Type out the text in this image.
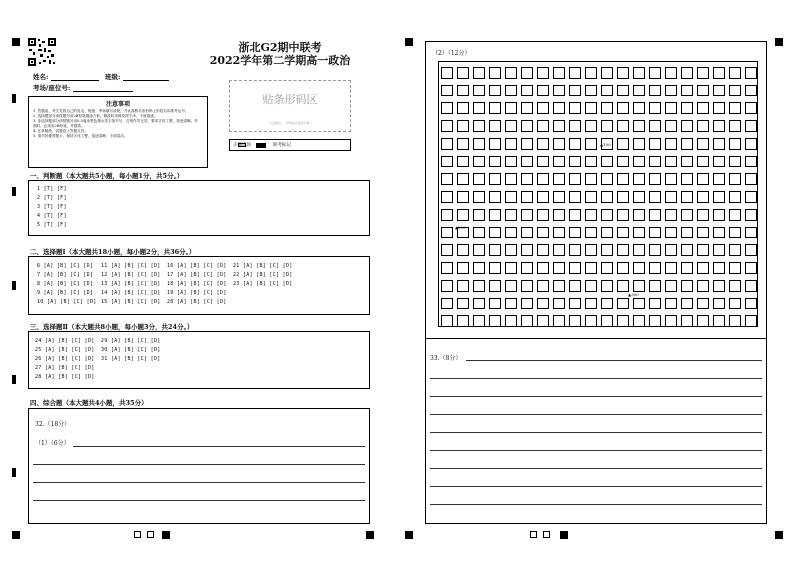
浙北G2期中联考
2022学年第二学期高一政治
姓名:	班级:
考场/座位号:
注意事项

1. 答题前，考生先将自己的姓名、班级、考场填写清楚，并认真核对条形码上的姓名和准考证号。

2. 选择题部分请按题号用2B铅笔填涂方框，修改时用橡皮擦干净，不留痕迹。

3. 非选择题部分请按题号用0.5毫米黑色墨水签字笔书写，否则作答无效。要求字体工整、笔迹清晰。作图时，必须用2B铅笔，并描浓。

4. 在草稿纸、试题卷上答题无效。

5. 请勿折叠答题卡，保持字体工整、笔迹清晰、卡面清洁。

贴条形码区
（正面朝上，切勿贴出虚线方框）
正确填涂	缺考标记
一、判断题（本大题共5小题，每小题1分，共5分。）
1 [T] [F]
2 [T] [F]
3 [T] [F]
4 [T] [F]
5 [T] [F]
二、选择题Ⅰ（本大题共18小题，每小题2分，共36分。）
6 [A] [B] [C] [D]
7 [A] [B] [C] [D]
8 [A] [B] [C] [D]
9 [A] [B] [C] [D]
10 [A] [B] [C] [D]
11 [A] [B] [C] [D]
12 [A] [B] [C] [D]
13 [A] [B] [C] [D]
14 [A] [B] [C] [D]
15 [A] [B] [C] [D]
16 [A] [B] [C] [D]
17 [A] [B] [C] [D]
18 [A] [B] [C] [D]
19 [A] [B] [C] [D]
20 [A] [B] [C] [D]
21 [A] [B] [C] [D]
22 [A] [B] [C] [D]
23 [A] [B] [C] [D]
三、选择题Ⅱ（本大题共8小题，每小题3分，共24分。）
24 [A] [B] [C] [D]
25 [A] [B] [C] [D]
26 [A] [B] [C] [D]
27 [A] [B] [C] [D]
28 [A] [B] [C] [D]
29 [A] [B] [C] [D]
30 [A] [B] [C] [D]
31 [A] [B] [C] [D]
四、综合题（本大题共4小题，共35分）
32.（18分）
（1）（6分）
（2）（12分）
▲100
▲250
▲300
33.（8分）
